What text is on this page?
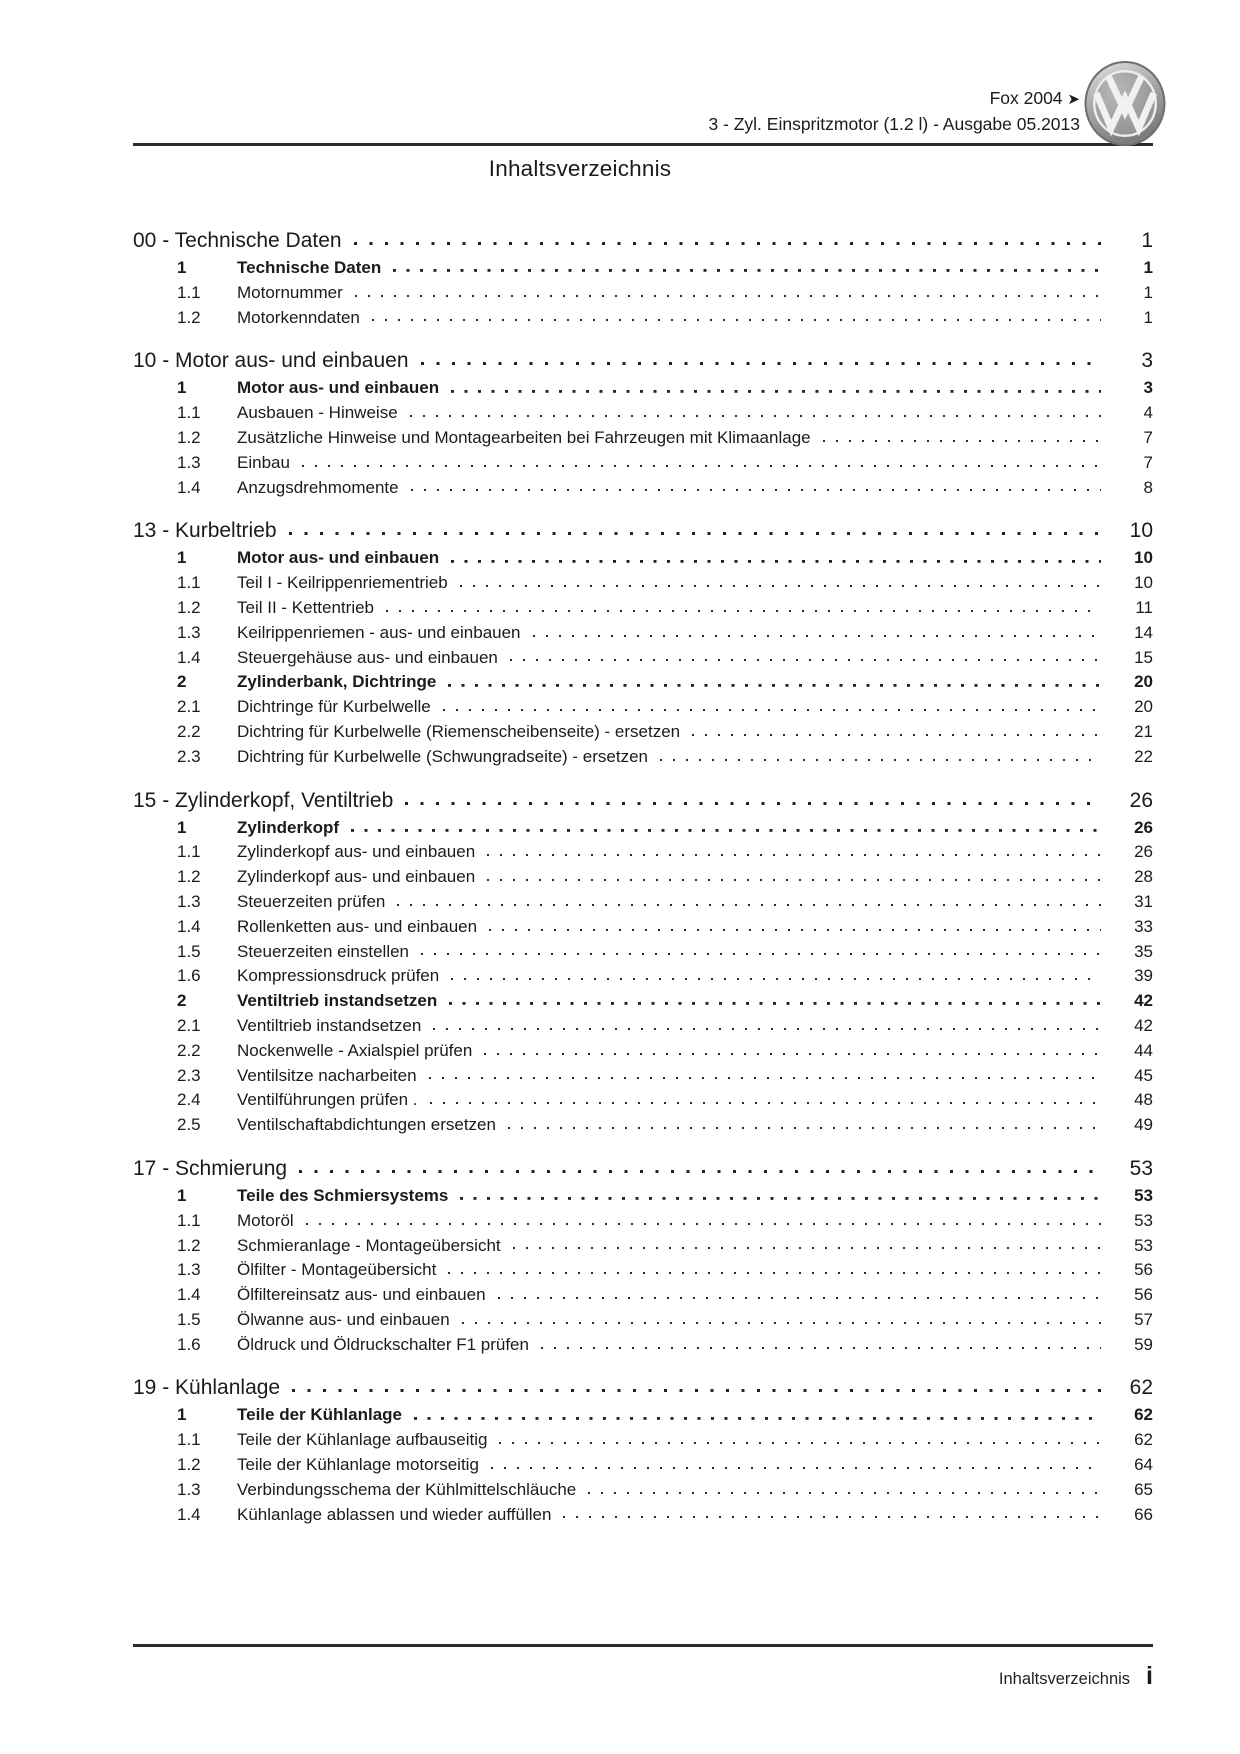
Fox 2004 ➤
3 - Zyl. Einspritzmotor (1.2 l) - Ausgabe 05.2013
Inhaltsverzeichnis
00 - Technische Daten	1
1	Technische Daten	1
1.1	Motornummer	1
1.2	Motorkenndaten	1
10 - Motor aus- und einbauen	3
1	Motor aus- und einbauen	3
1.1	Ausbauen - Hinweise	4
1.2	Zusätzliche Hinweise und Montagearbeiten bei Fahrzeugen mit Klimaanlage	7
1.3	Einbau	7
1.4	Anzugsdrehmomente	8
13 - Kurbeltrieb	10
1	Motor aus- und einbauen	10
1.1	Teil I - Keilrippenriementrieb	10
1.2	Teil II - Kettentrieb	11
1.3	Keilrippenriemen - aus- und einbauen	14
1.4	Steuergehäuse aus- und einbauen	15
2	Zylinderbank, Dichtringe	20
2.1	Dichtringe für Kurbelwelle	20
2.2	Dichtring für Kurbelwelle (Riemenscheibenseite) - ersetzen	21
2.3	Dichtring für Kurbelwelle (Schwungradseite) - ersetzen	22
15 - Zylinderkopf, Ventiltrieb	26
1	Zylinderkopf	26
1.1	Zylinderkopf aus- und einbauen	26
1.2	Zylinderkopf aus- und einbauen	28
1.3	Steuerzeiten prüfen	31
1.4	Rollenketten aus- und einbauen	33
1.5	Steuerzeiten einstellen	35
1.6	Kompressionsdruck prüfen	39
2	Ventiltrieb instandsetzen	42
2.1	Ventiltrieb instandsetzen	42
2.2	Nockenwelle - Axialspiel prüfen	44
2.3	Ventilsitze nacharbeiten	45
2.4	Ventilführungen prüfen .	48
2.5	Ventilschaftabdichtungen ersetzen	49
17 - Schmierung	53
1	Teile des Schmiersystems	53
1.1	Motoröl	53
1.2	Schmieranlage - Montageübersicht	53
1.3	Ölfilter - Montageübersicht	56
1.4	Ölfiltereinsatz aus- und einbauen	56
1.5	Ölwanne aus- und einbauen	57
1.6	Öldruck und Öldruckschalter F1 prüfen	59
19 - Kühlanlage	62
1	Teile der Kühlanlage	62
1.1	Teile der Kühlanlage aufbauseitig	62
1.2	Teile der Kühlanlage motorseitig	64
1.3	Verbindungsschema der Kühlmittelschläuche	65
1.4	Kühlanlage ablassen und wieder auffüllen	66
Inhaltsverzeichnis i
